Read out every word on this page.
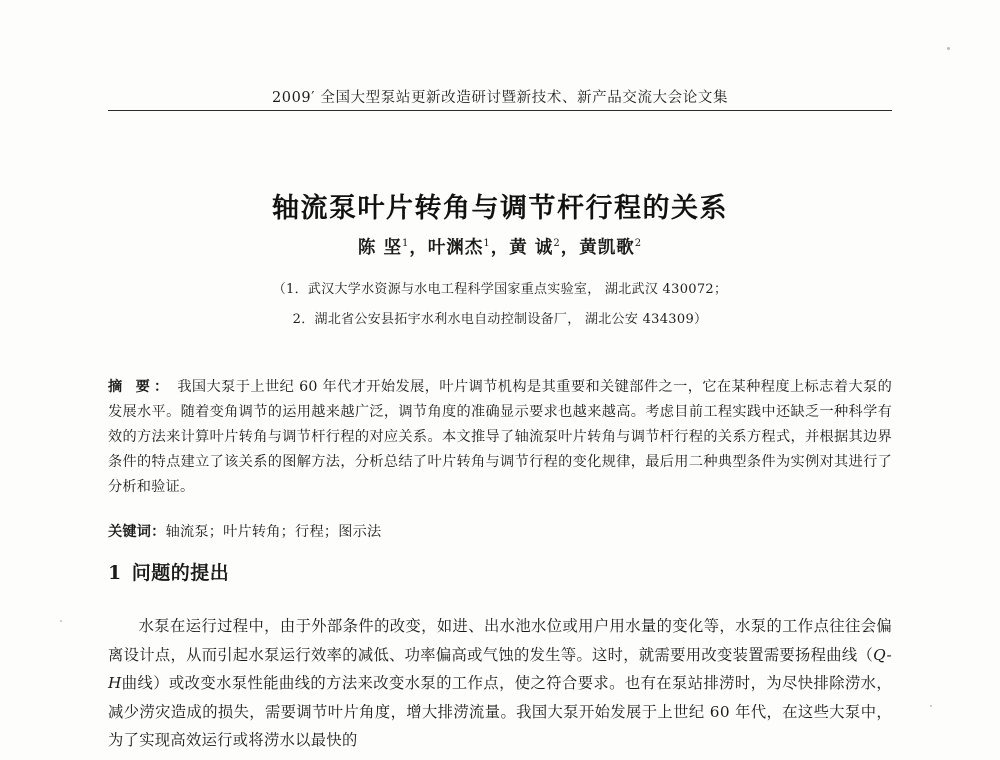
2009′ 全国大型泵站更新改造研讨暨新技术、新产品交流大会论文集
轴流泵叶片转角与调节杆行程的关系
陈 坚$^1$，叶渊杰$^1$，黄 诚$^2$，黄凯歌$^2$
（1．武汉大学水资源与水电工程科学国家重点实验室， 湖北武汉 430072；
2．湖北省公安县拓宇水利水电自动控制设备厂， 湖北公安 434309）
摘 要： 我国大泵于上世纪 60 年代才开始发展，叶片调节机构是其重要和关键部件之一，它在某种程度上标志着大泵的发展水平。随着变角调节的运用越来越广泛，调节角度的准确显示要求也越来越高。考虑目前工程实践中还缺乏一种科学有效的方法来计算叶片转角与调节杆行程的对应关系。本文推导了轴流泵叶片转角与调节杆行程的关系方程式，并根据其边界条件的特点建立了该关系的图解方法，分析总结了叶片转角与调节行程的变化规律，最后用二种典型条件为实例对其进行了分析和验证。
关键词：轴流泵；叶片转角；行程；图示法
1 问题的提出

水泵在运行过程中，由于外部条件的改变，如进、出水池水位或用户用水量的变化等，水泵的工作点往往会偏离设计点，从而引起水泵运行效率的减低、功率偏高或气蚀的发生等。这时，就需要用改变装置需要扬程曲线（Q-H曲线）或改变水泵性能曲线的方法来改变水泵的工作点，使之符合要求。也有在泵站排涝时，为尽快排除涝水，减少涝灾造成的损失，需要调节叶片角度，增大排涝流量。我国大泵开始发展于上世纪 60 年代，在这些大泵中，为了实现高效运行或将涝水以最快的
